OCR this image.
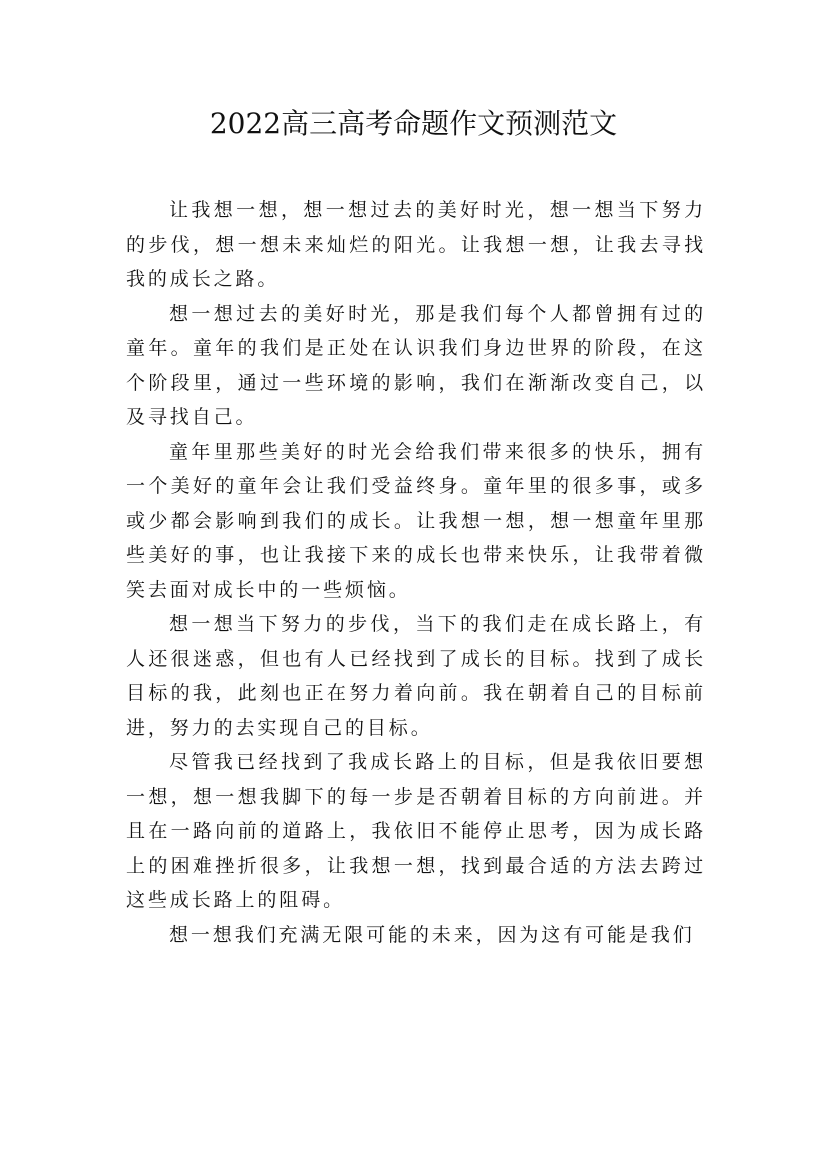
2022高三高考命题作文预测范文

让我想一想，想一想过去的美好时光，想一想当下努力的步伐，想一想未来灿烂的阳光。让我想一想，让我去寻找我的成长之路。

想一想过去的美好时光，那是我们每个人都曾拥有过的童年。童年的我们是正处在认识我们身边世界的阶段，在这个阶段里，通过一些环境的影响，我们在渐渐改变自己，以及寻找自己。

童年里那些美好的时光会给我们带来很多的快乐，拥有一个美好的童年会让我们受益终身。童年里的很多事，或多或少都会影响到我们的成长。让我想一想，想一想童年里那些美好的事，也让我接下来的成长也带来快乐，让我带着微笑去面对成长中的一些烦恼。

想一想当下努力的步伐，当下的我们走在成长路上，有人还很迷惑，但也有人已经找到了成长的目标。找到了成长目标的我，此刻也正在努力着向前。我在朝着自己的目标前进，努力的去实现自己的目标。

尽管我已经找到了我成长路上的目标，但是我依旧要想一想，想一想我脚下的每一步是否朝着目标的方向前进。并且在一路向前的道路上，我依旧不能停止思考，因为成长路上的困难挫折很多，让我想一想，找到最合适的方法去跨过这些成长路上的阻碍。

想一想我们充满无限可能的未来，因为这有可能是我们
